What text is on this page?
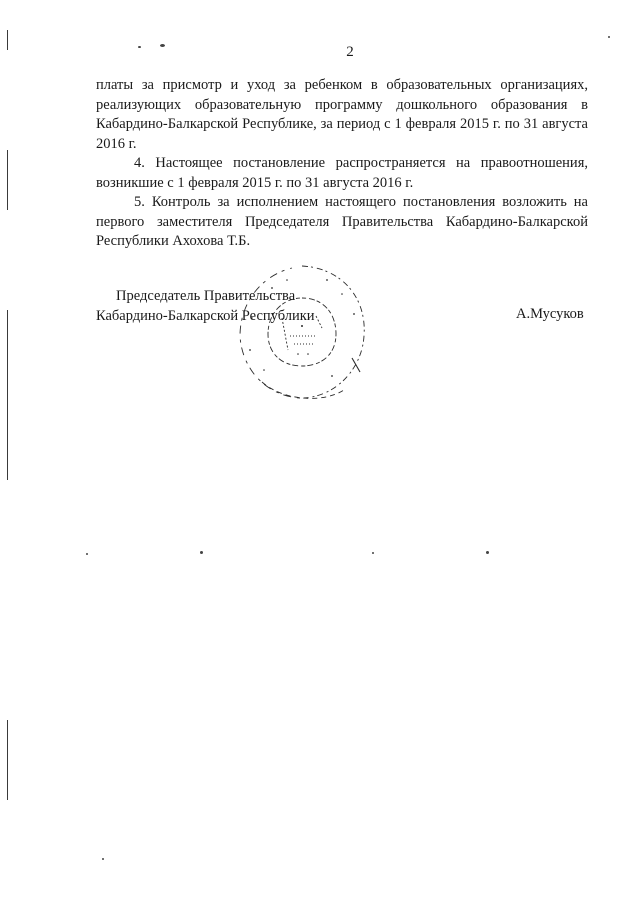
2

платы за присмотр и уход за ребенком в образовательных организациях, реализующих образовательную программу дошкольного образования в Кабардино-Балкарской Республике, за период с 1 февраля 2015 г. по 31 августа 2016 г.

4. Настоящее постановление распространяется на правоотношения, возникшие с 1 февраля 2015 г. по 31 августа 2016 г.

5. Контроль за исполнением настоящего постановления возложить на первого заместителя Председателя Правительства Кабардино-Балкарской Республики Ахохова Т.Б.

Председатель Правительства
Кабардино-Балкарской Республики	А.Мусуков
